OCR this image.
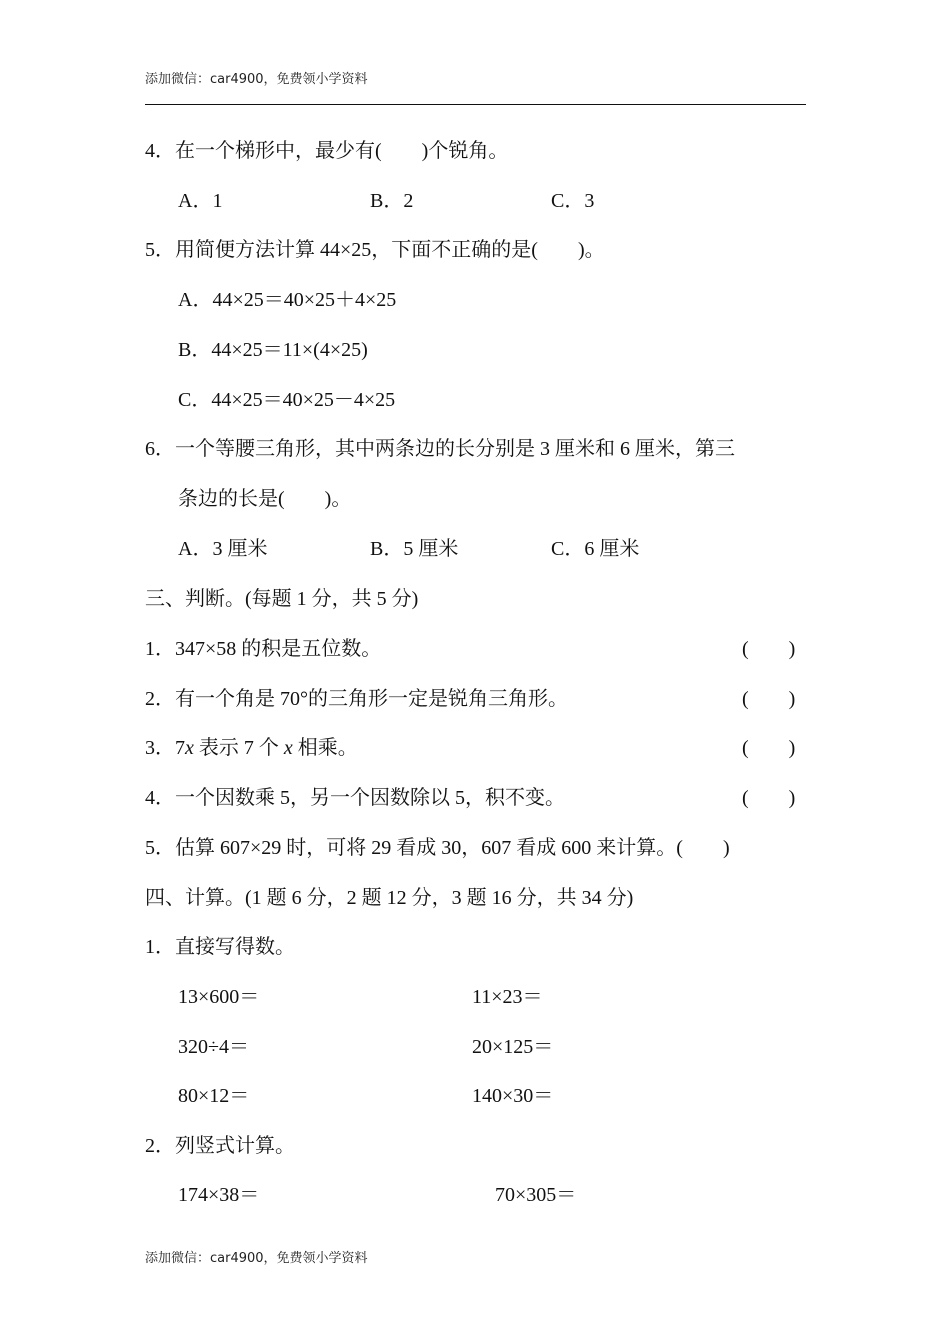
添加微信：car4900，免费领小学资料
4．在一个梯形中，最少有(　　)个锐角。
A．1	B．2	C．3
5．用简便方法计算 44×25，下面不正确的是(　　)。
A．44×25＝40×25＋4×25
B．44×25＝11×(4×25)
C．44×25＝40×25－4×25
6．一个等腰三角形，其中两条边的长分别是 3 厘米和 6 厘米，第三
条边的长是(　　)。
A．3 厘米	B．5 厘米	C．6 厘米
三、判断。(每题 1 分，共 5 分)
1．347×58 的积是五位数。	(　　)
2．有一个角是 70°的三角形一定是锐角三角形。	(　　)
3．7x 表示 7 个 x 相乘。	(　　)
4．一个因数乘 5，另一个因数除以 5，积不变。	(　　)
5．估算 607×29 时，可将 29 看成 30，607 看成 600 来计算。(　　)
四、计算。(1 题 6 分，2 题 12 分，3 题 16 分，共 34 分)
1．直接写得数。
13×600＝	11×23＝
320÷4＝	20×125＝
80×12＝	140×30＝
2．列竖式计算。
174×38＝	70×305＝
添加微信：car4900，免费领小学资料
